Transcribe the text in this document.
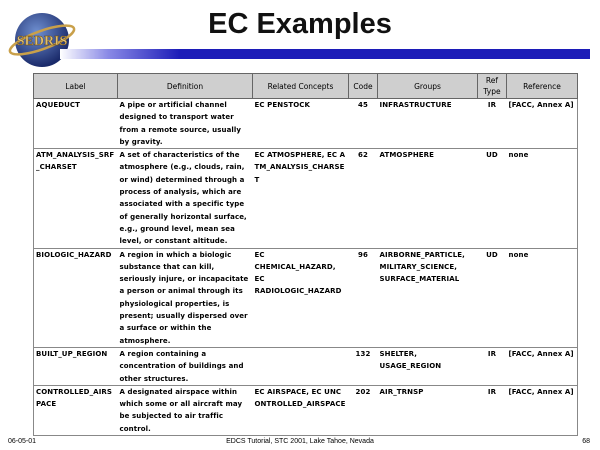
SEDRIS
EC Examples
Label	Definition	Related Concepts	Code	Groups	Ref Type	Reference
AQUEDUCT	A pipe or artificial channel designed to transport water from a remote source, usually by gravity.	EC PENSTOCK	45	INFRASTRUCTURE	IR	[FACC, Annex A]
ATM_ANALYSIS_SRF_CHARSET	A set of characteristics of the atmosphere (e.g., clouds, rain, or wind) determined through a process of analysis, which are associated with a specific type of generally horizontal surface, e.g., ground level, mean sea level, or constant altitude.	EC ATMOSPHERE, EC ATM_ANALYSIS_CHARSET	62	ATMOSPHERE	UD	none
BIOLOGIC_HAZARD	A region in which a biologic substance that can kill, seriously injure, or incapacitate a person or animal through its physiological properties, is present; usually dispersed over a surface or within the atmosphere.	EC CHEMICAL_HAZARD, EC RADIOLOGIC_HAZARD	96	AIRBORNE_PARTICLE, MILITARY_SCIENCE, SURFACE_MATERIAL	UD	none
BUILT_UP_REGION	A region containing a concentration of buildings and other structures.		132	SHELTER, USAGE_REGION	IR	[FACC, Annex A]
CONTROLLED_AIRSPACE	A designated airspace within which some or all aircraft may be subjected to air traffic control.	EC AIRSPACE, EC UNCONTROLLED_AIRSPACE	202	AIR_TRNSP	IR	[FACC, Annex A]
06-05-01	EDCS Tutorial, STC 2001, Lake Tahoe, Nevada	68
